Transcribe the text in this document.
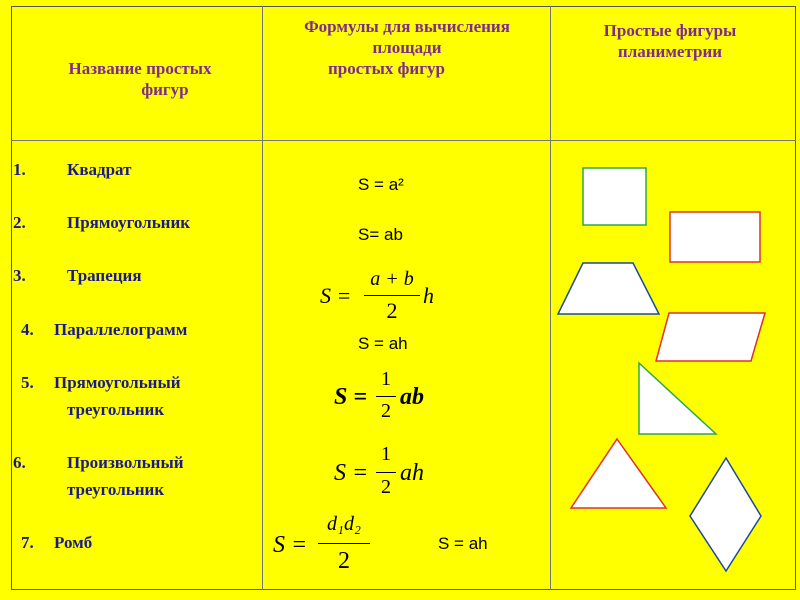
Название простых
фигур
Формулы для вычисления
площади
простых фигур
Простые фигуры
планиметрии
1. Квадрат
2. Прямоугольник
3. Трапеция
4. Параллелограмм
5. Прямоугольный
треугольник
6. Произвольный
треугольник
7. Ромб
S = a²
S= ab
S =
a + b
2
h
S = ah
S =
1
2
ab
S =
1
2
ah
S =
d₁d₂
2
S = ah
